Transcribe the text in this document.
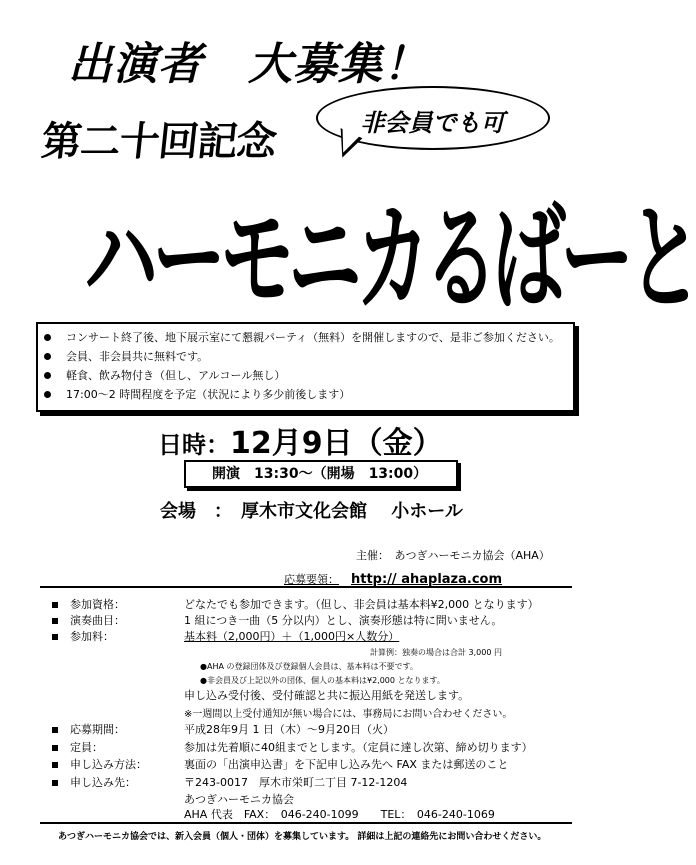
出演者　大募集！
非会員でも可
第二十回記念
ハーモニカるばーと
コンサート終了後、地下展示室にて懇親パーティ（無料）を開催しますので、是非ご参加ください。
会員、非会員共に無料です。
軽食、飲み物付き（但し、アルコール無し）
17:00～2 時間程度を予定（状況により多少前後します）
日時：12月9日（金）
開演　13:30～（開場　13:00）
会場　：　厚木市文化会館　 小ホール
主催：　あつぎハーモニカ協会（AHA）
応募要領： http:// ahaplaza.com
参加資格：	どなたでも参加できます。（但し、非会員は基本料¥2,000 となります）
演奏曲目：	1 組につき一曲（5 分以内）とし、演奏形態は特に問いません。
参加料：	基本料（2,000円）＋（1,000円×人数分）
計算例：独奏の場合は合計 3,000 円
●AHA の登録団体及び登録個人会員は、基本料は不要です。
●非会員及び上記以外の団体、個人の基本料は¥2,000 となります。
申し込み受付後、受付確認と共に振込用紙を発送します。
※一週間以上受付通知が無い場合には、事務局にお問い合わせください。
応募期間：	平成28年9月 1 日（木）～9月20日（火）
定員：	参加は先着順に40組までとします。（定員に達し次第、締め切ります）
申し込み方法：	裏面の「出演申込書」を下記申し込み先へ FAX または郵送のこと
申し込み先：	〒243-0017　厚木市栄町二丁目 7-12-1204
あつぎハーモニカ協会
AHA 代表　FAX：　046-240-1099　　TEL：　046-240-1069
あつぎハーモニカ協会では、新入会員（個人・団体）を募集しています。 詳細は上記の連絡先にお問い合わせください。
